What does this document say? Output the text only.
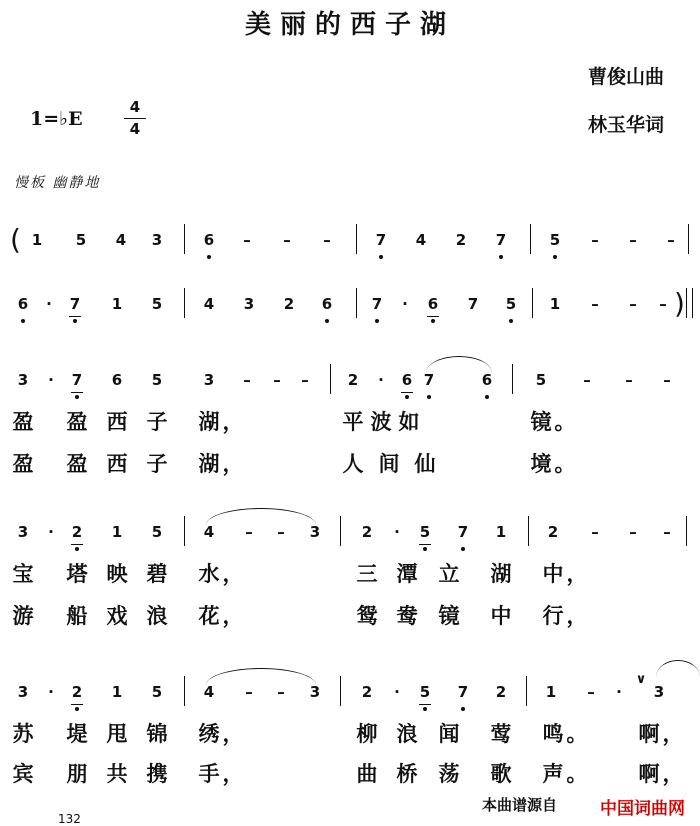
美丽的西子湖
曹俊山曲
林玉华词
1=♭E
4
4
慢板 幽静地
( 1	5	4	3	6	–	–	–	7	4	2	7	5	–	–	–
6	·	7	1	5	4	3	2	6	7	·	6	7	5	1	–	–	– )
3	·	7	6	5	3	–	–	–	2	·	6 7	6	5	–	–	–
盈 盈 西 子 湖 ，	平 波 如	镜 。
盈 盈 西 子 湖 ，	人 间 仙	境 。
3	·	2	1	5	4	–	–	3	2	·	5	7	1	2	–	–	–
宝 塔 映 碧 水 ，	三 潭 立 湖 中 ，
游 船 戏 浪 花 ，	鸳 鸯 镜 中 行 ，
3	·	2	1	5	4	–	–	3	2	·	5	7	2	1	–	·
∨
3
苏 堤 甩 锦 绣 ，	柳 浪 闻 莺 鸣 。 啊 ，
宾 朋 共 携 手 ，	曲 桥 荡 歌 声 。 啊 ，
本曲谱源自	中国词曲网
132
